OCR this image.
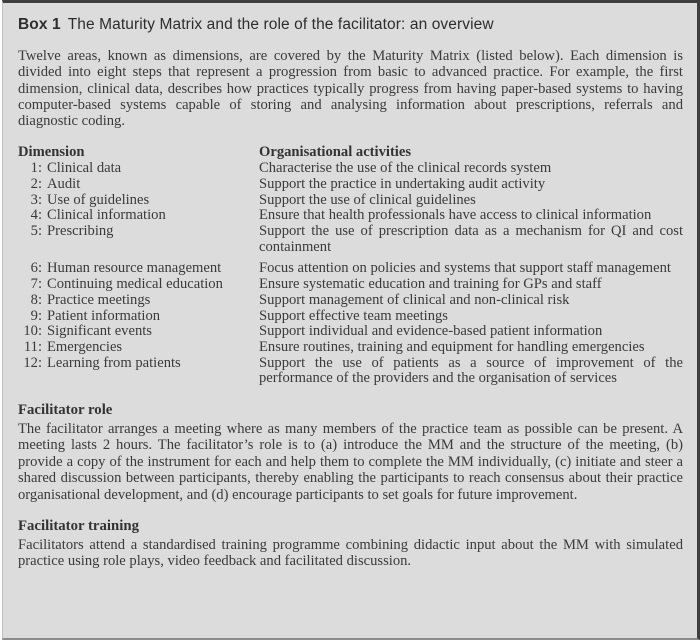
Box 1 The Maturity Matrix and the role of the facilitator: an overview
Twelve areas, known as dimensions, are covered by the Maturity Matrix (listed below). Each dimension is divided into eight steps that represent a progression from basic to advanced practice. For example, the first dimension, clinical data, describes how practices typically progress from having paper-based systems to having computer-based systems capable of storing and analysing information about prescriptions, referrals and diagnostic coding.
Dimension	Organisational activities
1: Clinical data	Characterise the use of the clinical records system
2: Audit	Support the practice in undertaking audit activity
3: Use of guidelines	Support the use of clinical guidelines
4: Clinical information	Ensure that health professionals have access to clinical information
5: Prescribing	Support the use of prescription data as a mechanism for QI and cost containment
6: Human resource management	Focus attention on policies and systems that support staff management
7: Continuing medical education	Ensure systematic education and training for GPs and staff
8: Practice meetings	Support management of clinical and non-clinical risk
9: Patient information	Support effective team meetings
10: Significant events	Support individual and evidence-based patient information
11: Emergencies	Ensure routines, training and equipment for handling emergencies
12: Learning from patients	Support the use of patients as a source of improvement of the performance of the providers and the organisation of services
Facilitator role
The facilitator arranges a meeting where as many members of the practice team as possible can be present. A meeting lasts 2 hours. The facilitator’s role is to (a) introduce the MM and the structure of the meeting, (b) provide a copy of the instrument for each and help them to complete the MM individually, (c) initiate and steer a shared discussion between participants, thereby enabling the participants to reach consensus about their practice organisational development, and (d) encourage participants to set goals for future improvement.
Facilitator training
Facilitators attend a standardised training programme combining didactic input about the MM with simulated practice using role plays, video feedback and facilitated discussion.
